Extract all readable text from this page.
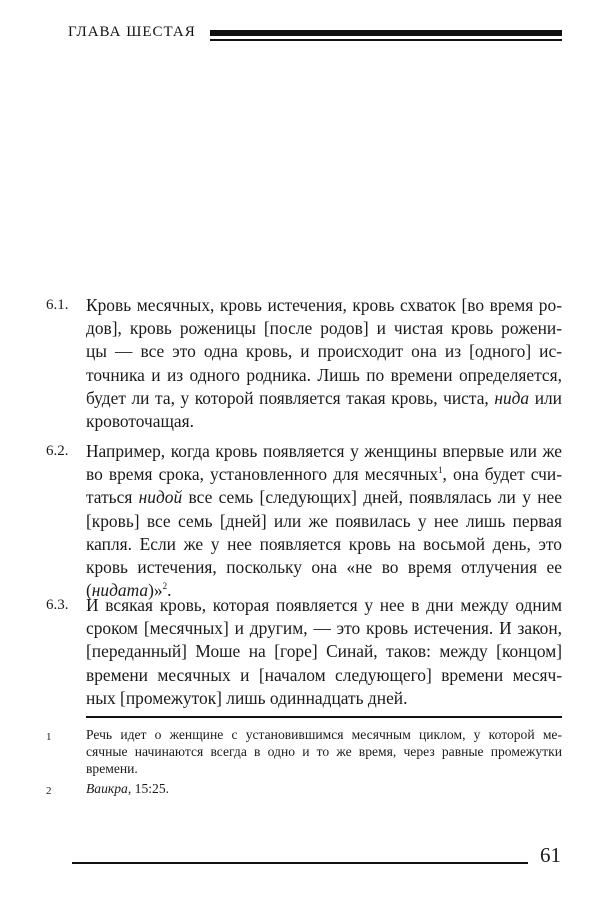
ГЛАВА ШЕСТАЯ
6.1. Кровь месячных, кровь истечения, кровь схваток [во время ро-
дов], кровь роженицы [после родов] и чистая кровь рожени-
цы — все это одна кровь, и происходит она из [одного] ис-
точника и из одного родника. Лишь по времени определяется,
будет ли та, у которой появляется такая кровь, чиста, нида или
кровоточащая.
6.2. Например, когда кровь появляется у женщины впервые или же
во время срока, установленного для месячных$^1$, она будет счи-
таться нидой все семь [следующих] дней, появлялась ли у нее
[кровь] все семь [дней] или же появилась у нее лишь первая
капля. Если же у нее появляется кровь на восьмой день, это
кровь истечения, поскольку она «не во время отлучения ее
(нидата)»$^2$.
6.3. И всякая кровь, которая появляется у нее в дни между одним
сроком [месячных] и другим, — это кровь истечения. И закон,
[переданный] Моше на [горе] Синай, таков: между [концом]
времени месячных и [началом следующего] времени месяч-
ных [промежуток] лишь одиннадцать дней.
1	Речь идет о женщине с установившимся месячным циклом, у которой ме-
сячные начинаются всегда в одно и то же время, через равные промежутки
времени.
2	Ваикра, 15:25.
61
